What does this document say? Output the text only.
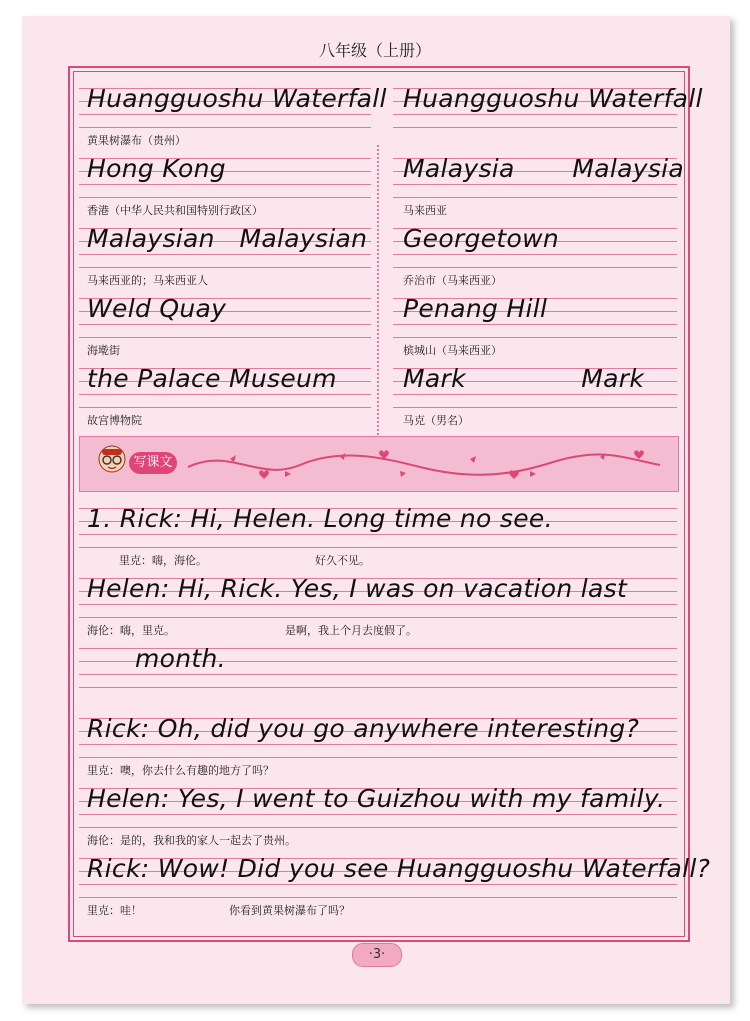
八年级（上册）
Huangguoshu Waterfall
黄果树瀑布（贵州）
Hong Kong
香港（中华人民共和国特别行政区）
Malaysian   Malaysian
马来西亚的；马来西亚人
Weld Quay
海墘街
the Palace Museum
故宫博物院
Huangguoshu Waterfall
Malaysia       Malaysia
马来西亚
Georgetown
乔治市（马来西亚）
Penang Hill
槟城山（马来西亚）
Mark              Mark
马克（男名）
写课文
1. Rick: Hi, Helen. Long time no see.
里克：嗨，海伦。	好久不见。
Helen: Hi, Rick. Yes, I was on vacation last
海伦：嗨，里克。	是啊，我上个月去度假了。
month.
Rick: Oh, did you go anywhere interesting?
里克：噢，你去什么有趣的地方了吗？
Helen: Yes, I went to Guizhou with my family.
海伦：是的，我和我的家人一起去了贵州。
Rick: Wow! Did you see Huangguoshu Waterfall?
里克：哇！	你看到黄果树瀑布了吗？
·3·
